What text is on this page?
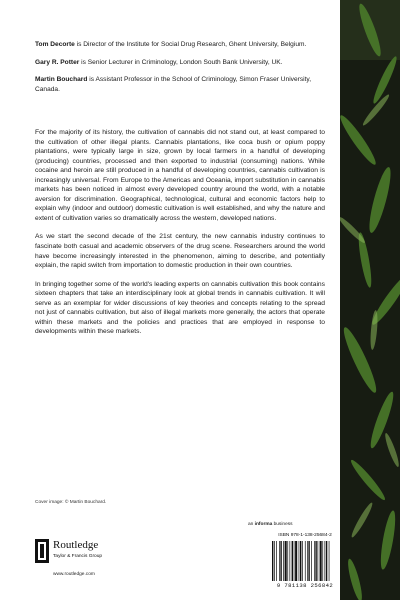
Tom Decorte is Director of the Institute for Social Drug Research, Ghent University, Belgium.

Gary R. Potter is Senior Lecturer in Criminology, London South Bank University, UK.

Martin Bouchard is Assistant Professor in the School of Criminology, Simon Fraser University, Canada.

For the majority of its history, the cultivation of cannabis did not stand out, at least compared to the cultivation of other illegal plants. Cannabis plantations, like coca bush or opium poppy plantations, were typically large in size, grown by local farmers in a handful of developing (producing) countries, processed and then exported to industrial (consuming) nations. While cocaine and heroin are still produced in a handful of developing countries, cannabis cultivation is increasingly universal. From Europe to the Americas and Oceania, import substitution in cannabis markets has been noticed in almost every developed country around the world, with a notable aversion for discrimination. Geographical, technological, cultural and economic factors help to explain why (indoor and outdoor) domestic cultivation is well established, and why the nature and extent of cultivation varies so dramatically across the western, developed nations.

As we start the second decade of the 21st century, the new cannabis industry continues to fascinate both casual and academic observers of the drug scene. Researchers around the world have become increasingly interested in the phenomenon, aiming to describe, and potentially explain, the rapid switch from importation to domestic production in their own countries.

In bringing together some of the world's leading experts on cannabis cultivation this book contains sixteen chapters that take an interdisciplinary look at global trends in cannabis cultivation. It will serve as an exemplar for wider discussions of key theories and concepts relating to the spread not just of cannabis cultivation, but also of illegal markets more generally, the actors that operate within these markets and the policies and practices that are employed in response to developments within these markets.

Cover image: © Martin Bouchard.

an informa business

Routledge
Taylor & Francis Group
www.routledge.com
ISBN 978-1-138-25684-2
9 781138 256842
